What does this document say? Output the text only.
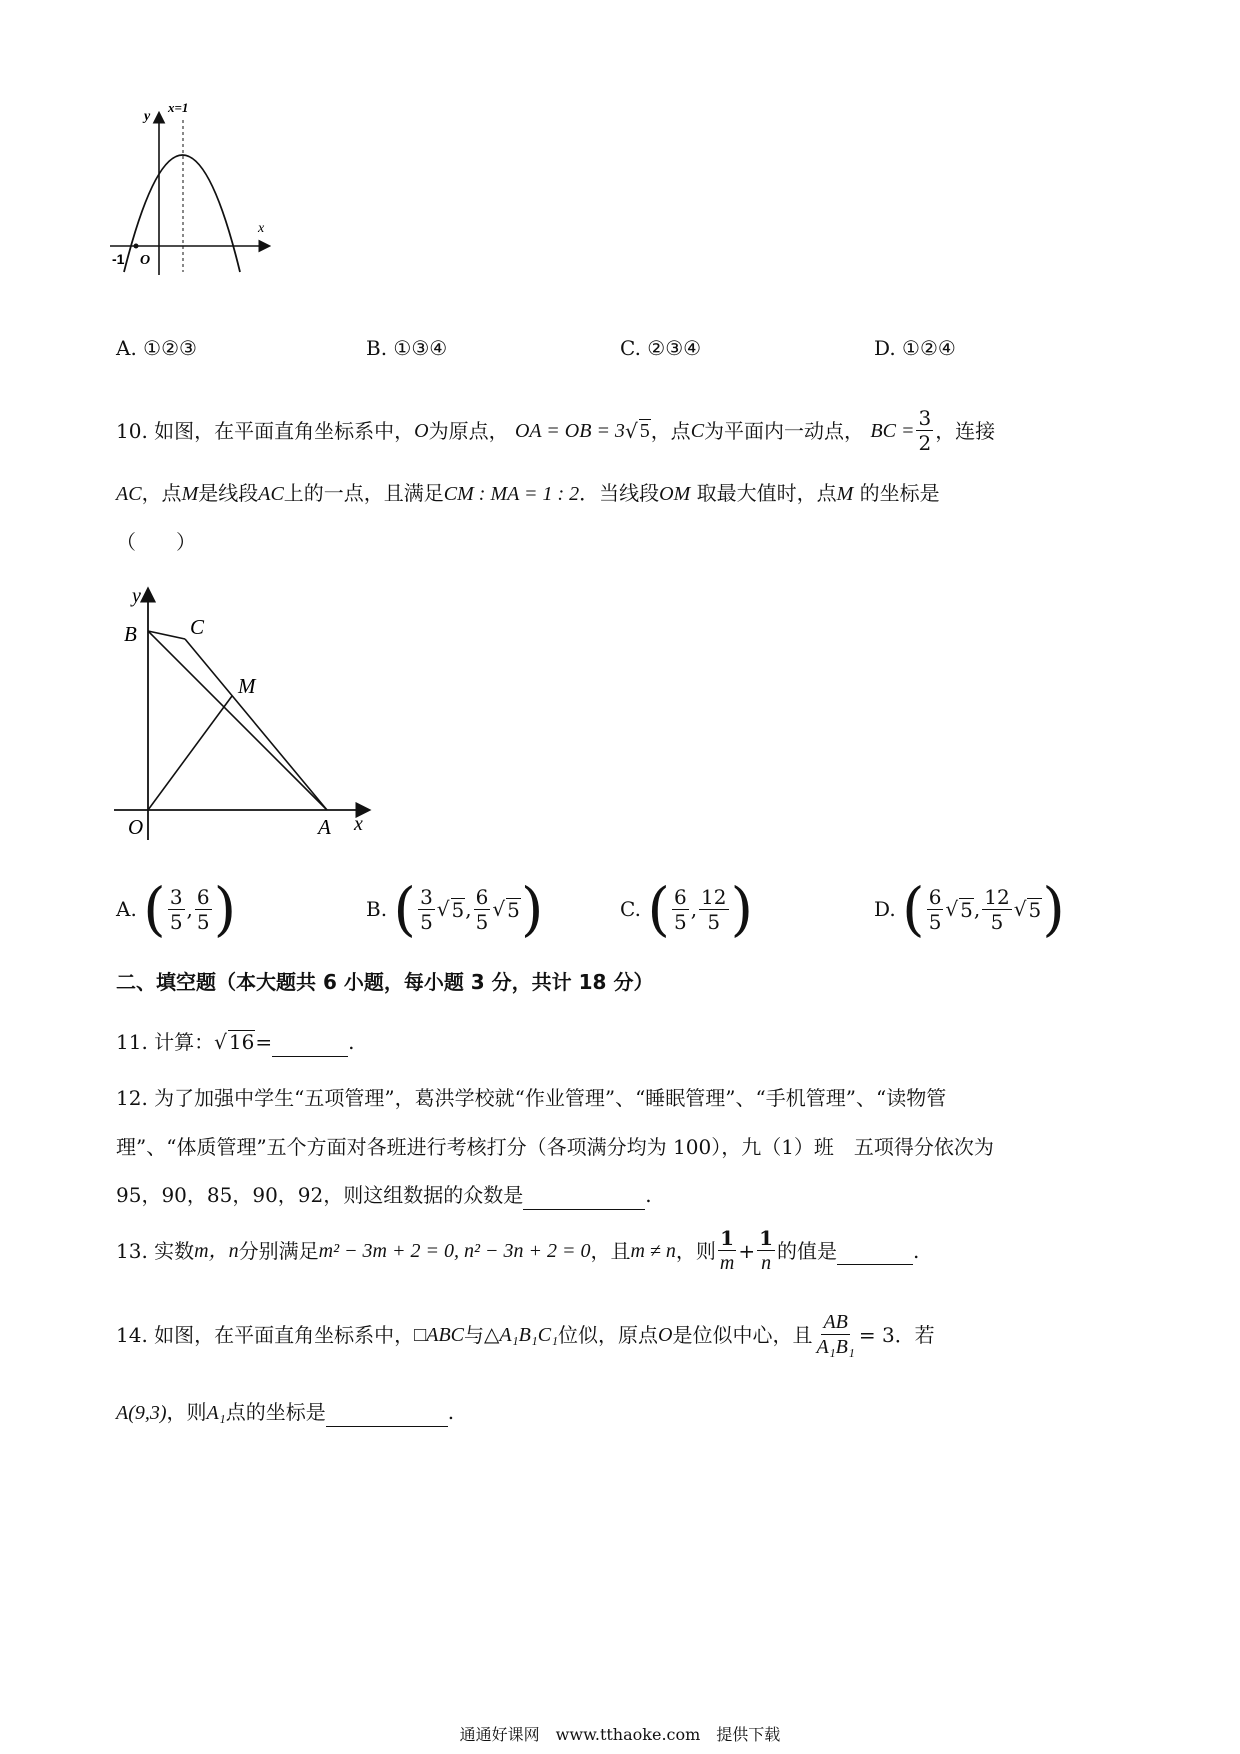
y
x
x=1
-1 O
A. ①②③	B. ①③④	C. ②③④	D. ①②④
10.
如图，在平面直角坐标系中， O 为原点，
OA = OB = 3 √ 5 ，点 C 为平面内一动点，
BC = $\frac{3}{2}$ ，连接
AC，点M是线段AC上的一点，且满足CM : MA = 1 : 2．当线段OM 取最大值时，点M 的坐标是
（　　）
y
B	C
M
O	A x
A.
( $\frac{3}{5}$ , $\frac{6}{5}$ )	B.
( $\frac{3}{5}$ √ 5 , $\frac{6}{5}$ √ 5 )	C.
( $\frac{6}{5}$ , $\frac{12}{5}$ )	D.
( $\frac{6}{5}$ √ 5 , $\frac{12}{5}$ √ 5 )
二、填空题（本大题共 6 小题，每小题 3 分，共计 18 分）
11. 计算：√ 16=	.
12. 为了加强中学生“五项管理”，葛洪学校就“作业管理”、“睡眠管理”、“手机管理”、“读物管
理”、“体质管理”五个方面对各班进行考核打分（各项满分均为 100），九（1）班　五项得分依次为
95，90，85，90，92，则这组数据的众数是	.
13.
实数 m，n 分别满足 m² − 3m + 2 = 0, n² − 3n + 2 = 0 ，且 m ≠ n ，则 $\frac{1}{m} + \frac{1}{n}$ 的值是
	.
14.
如图，在平面直角坐标系中， □ABC 与 △A₁B₁C₁ 位似，原点 O 是位似中心，且 $\frac{AB}{\text{A₁B₁}} = 3$ ．若
A(9,3)，则A₁点的坐标是	.
通通好课网　www.tthaoke.com　提供下载
